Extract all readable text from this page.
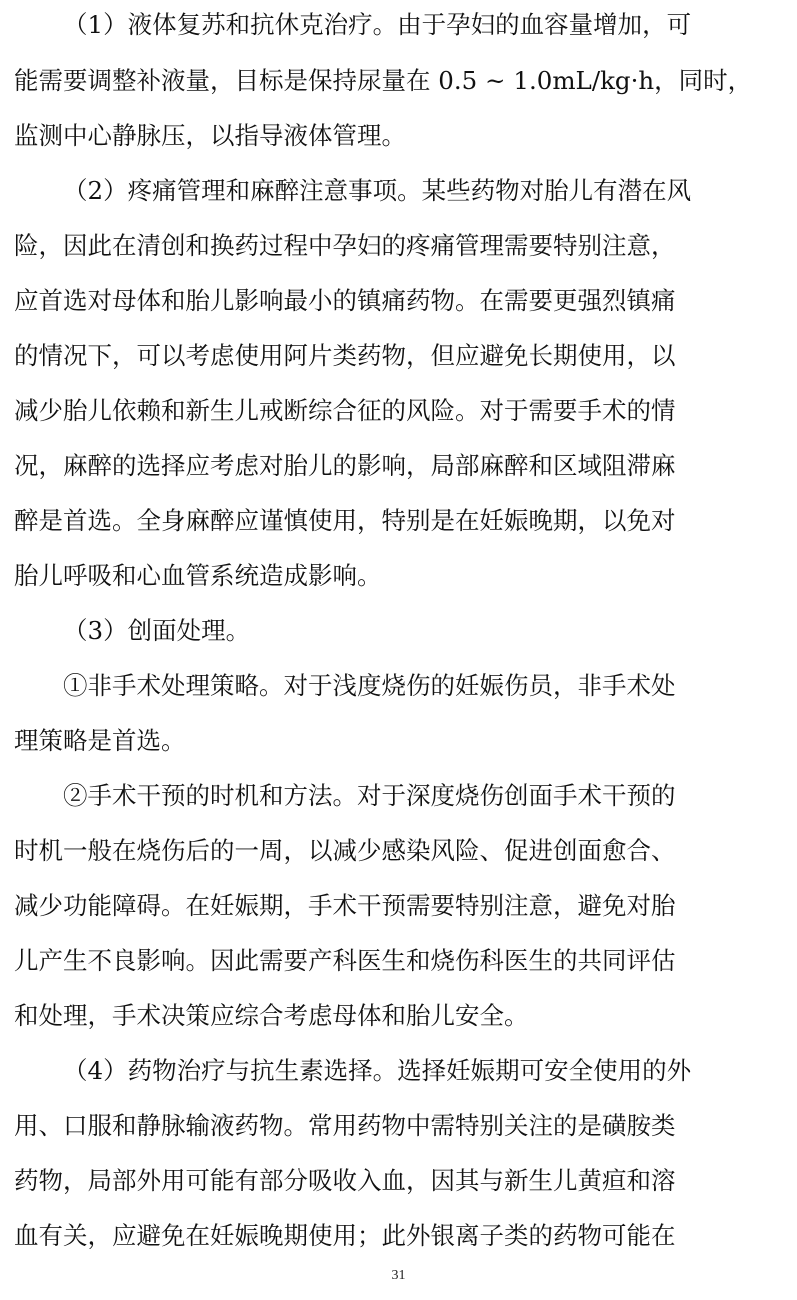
（1）液体复苏和抗休克治疗。由于孕妇的血容量增加，可
能需要调整补液量，目标是保持尿量在 0.5 ~ 1.0mL/kg·h，同时，
监测中心静脉压，以指导液体管理。
（2）疼痛管理和麻醉注意事项。某些药物对胎儿有潜在风
险，因此在清创和换药过程中孕妇的疼痛管理需要特别注意，
应首选对母体和胎儿影响最小的镇痛药物。在需要更强烈镇痛
的情况下，可以考虑使用阿片类药物，但应避免长期使用，以
减少胎儿依赖和新生儿戒断综合征的风险。对于需要手术的情
况，麻醉的选择应考虑对胎儿的影响，局部麻醉和区域阻滞麻
醉是首选。全身麻醉应谨慎使用，特别是在妊娠晚期，以免对
胎儿呼吸和心血管系统造成影响。
（3）创面处理。
①非手术处理策略。对于浅度烧伤的妊娠伤员，非手术处
理策略是首选。
②手术干预的时机和方法。对于深度烧伤创面手术干预的
时机一般在烧伤后的一周，以减少感染风险、促进创面愈合、
减少功能障碍。在妊娠期，手术干预需要特别注意，避免对胎
儿产生不良影响。因此需要产科医生和烧伤科医生的共同评估
和处理，手术决策应综合考虑母体和胎儿安全。
（4）药物治疗与抗生素选择。选择妊娠期可安全使用的外
用、口服和静脉输液药物。常用药物中需特别关注的是磺胺类
药物，局部外用可能有部分吸收入血，因其与新生儿黄疸和溶
血有关，应避免在妊娠晚期使用；此外银离子类的药物可能在
31
